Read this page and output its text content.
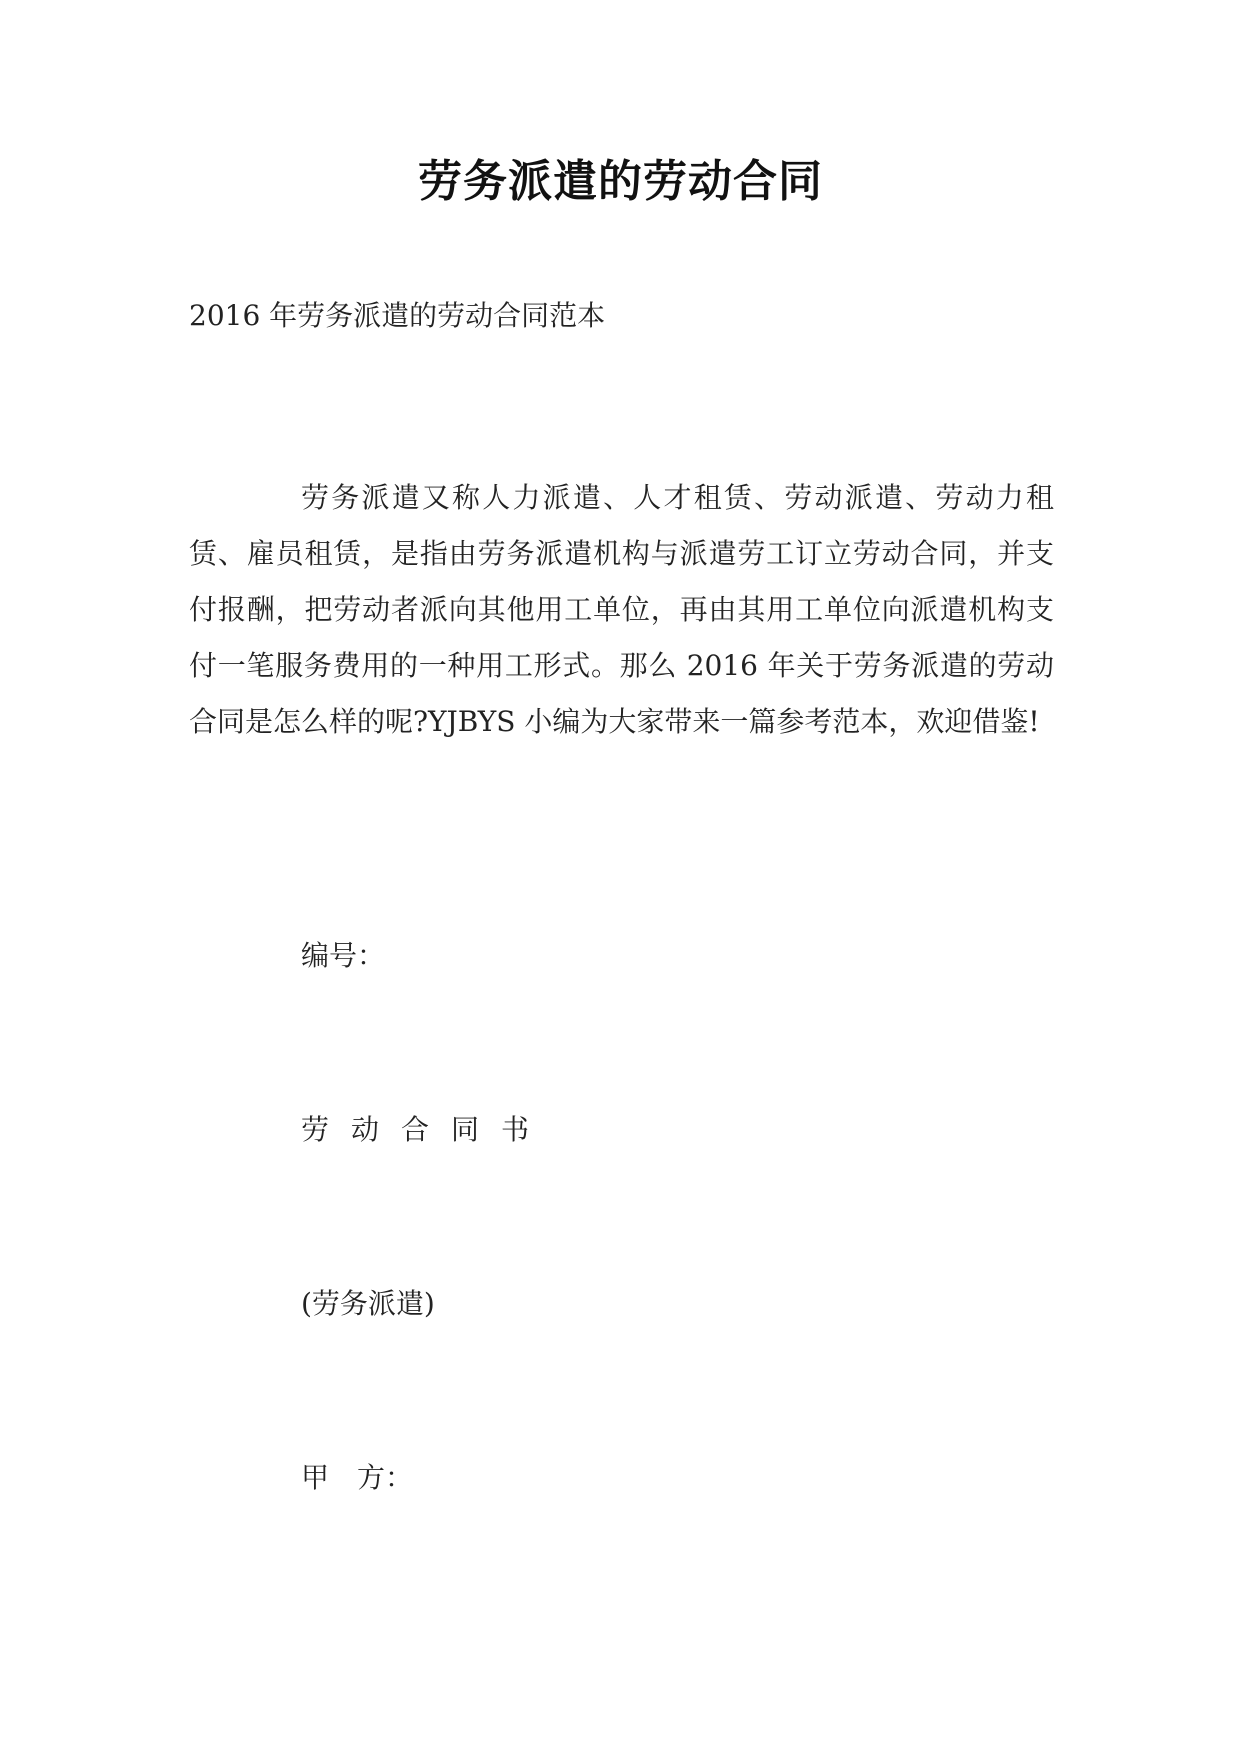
劳务派遣的劳动合同
2016 年劳务派遣的劳动合同范本

劳务派遣又称人力派遣、人才租赁、劳动派遣、劳动力租赁、雇员租赁，是指由劳务派遣机构与派遣劳工订立劳动合同，并支付报酬，把劳动者派向其他用工单位，再由其用工单位向派遣机构支付一笔服务费用的一种用工形式。那么 2016 年关于劳务派遣的劳动合同是怎么样的呢?YJBYS 小编为大家带来一篇参考范本，欢迎借鉴!

编号：
劳动合同书
(劳务派遣)
甲 方：
